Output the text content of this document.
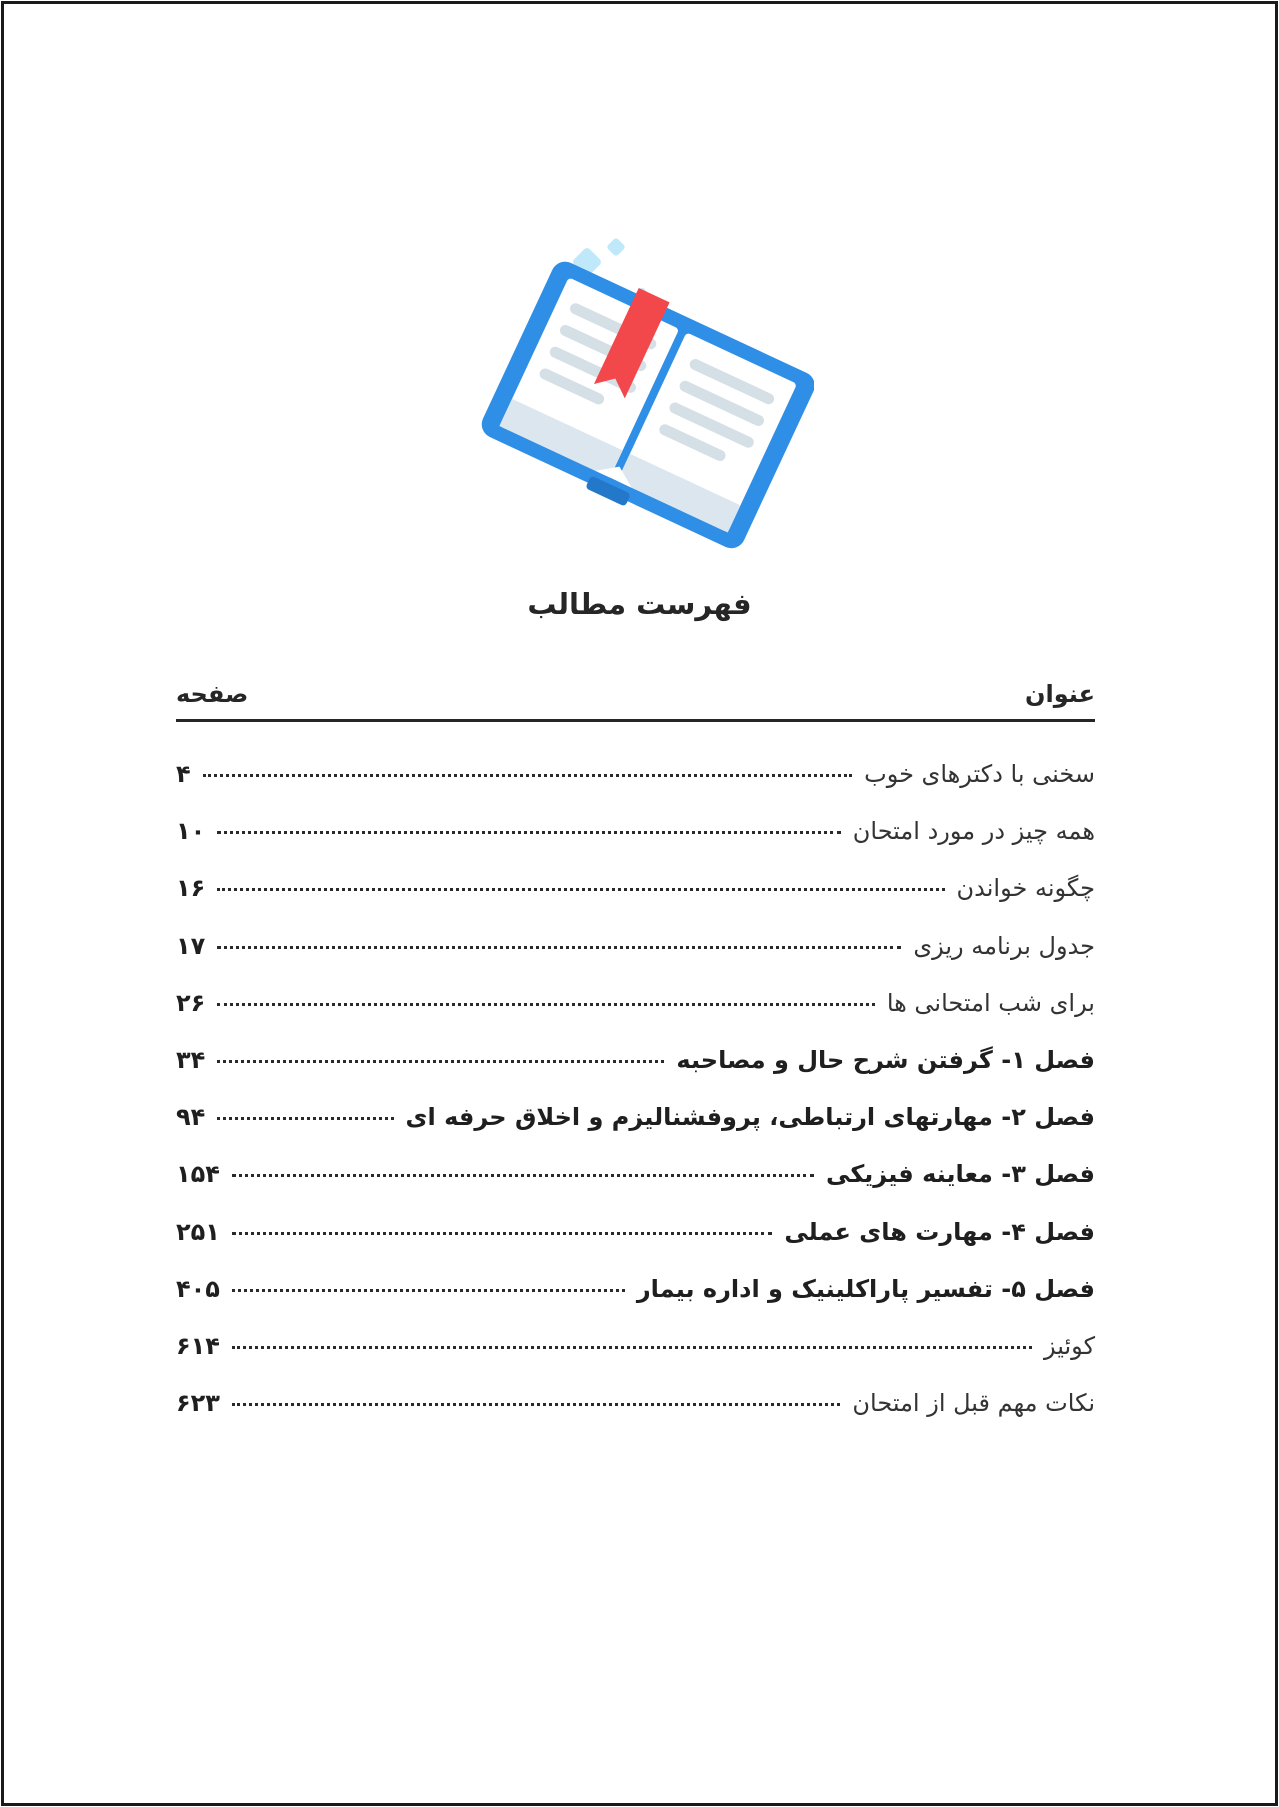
فهرست مطالب
عنوان
صفحه
سخنی با دکترهای خوب
۴
همه چیز در مورد امتحان
۱۰
چگونه خواندن
۱۶
جدول برنامه ریزی
۱۷
برای شب امتحانی ها
۲۶
فصل ۱- گرفتن شرح حال و مصاحبه
۳۴
فصل ۲- مهارتهای ارتباطی، پروفشنالیزم و اخلاق حرفه ای
۹۴
فصل ۳- معاینه فیزیکی
۱۵۴
فصل ۴- مهارت های عملی
۲۵۱
فصل ۵- تفسیر پاراکلینیک و اداره بیمار
۴۰۵
کوئیز
۶۱۴
نکات مهم قبل از امتحان
۶۲۳
